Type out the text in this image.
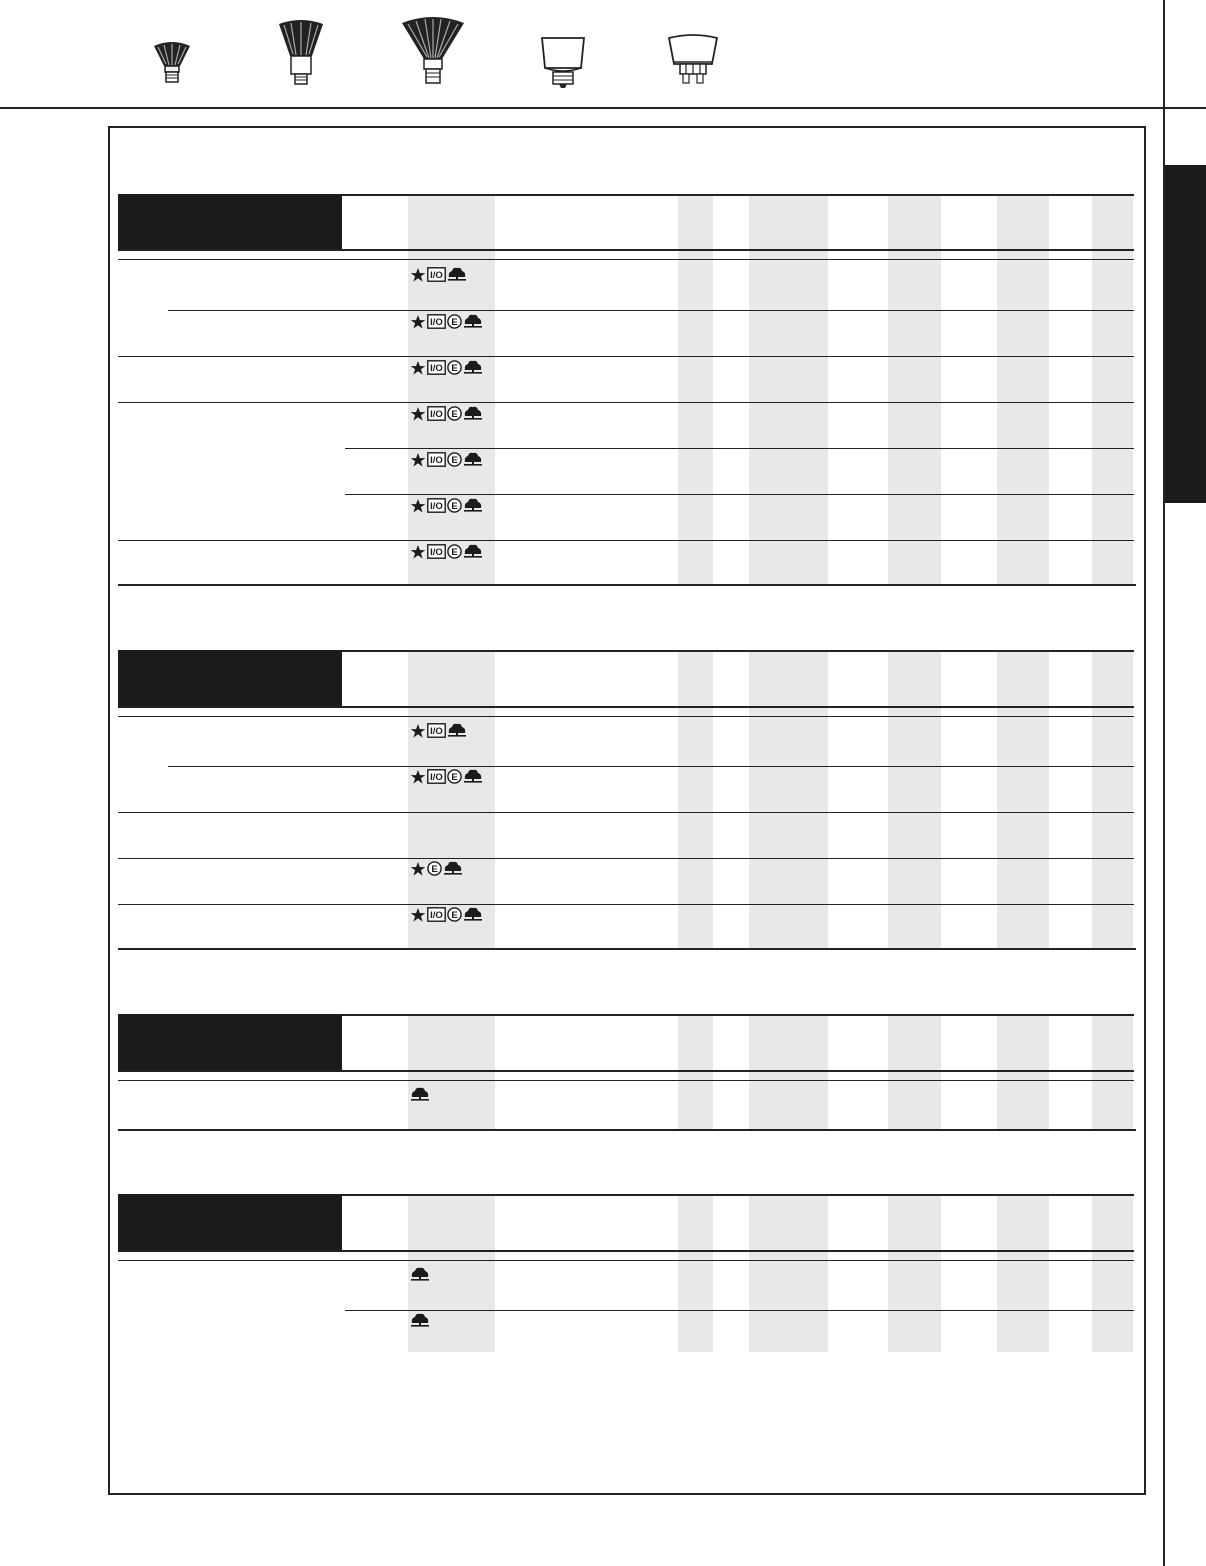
I/O
I/O E
I/O E
I/O E
I/O E
I/O E
I/O E
I/O
I/O E
E
I/O E
